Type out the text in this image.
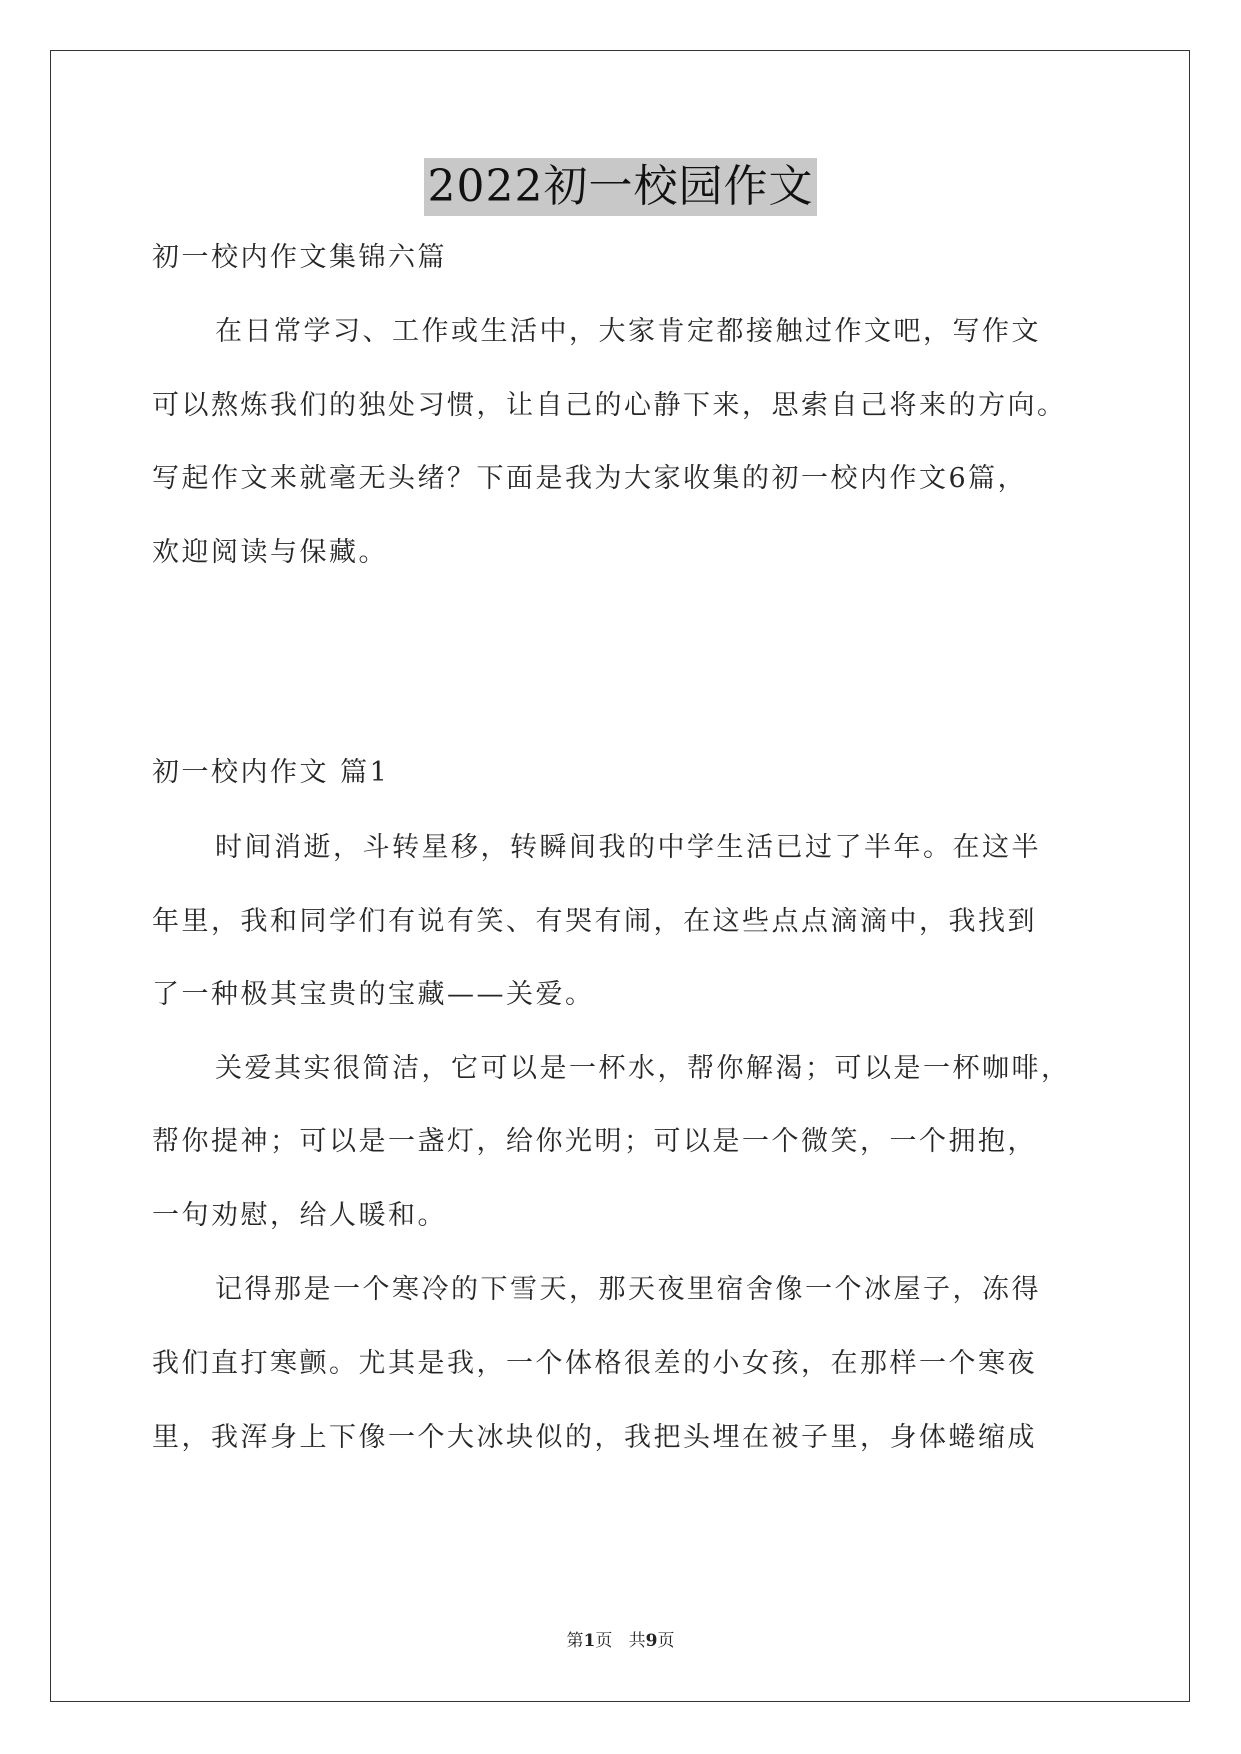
2022初一校园作文
初一校内作文集锦六篇
在日常学习、工作或生活中，大家肯定都接触过作文吧，写作文
可以熬炼我们的独处习惯，让自己的心静下来，思索自己将来的方向。
写起作文来就毫无头绪？下面是我为大家收集的初一校内作文6篇，
欢迎阅读与保藏。
初一校内作文 篇1
时间消逝，斗转星移，转瞬间我的中学生活已过了半年。在这半
年里，我和同学们有说有笑、有哭有闹，在这些点点滴滴中，我找到
了一种极其宝贵的宝藏——关爱。
关爱其实很简洁，它可以是一杯水，帮你解渴；可以是一杯咖啡，
帮你提神；可以是一盏灯，给你光明；可以是一个微笑，一个拥抱，
一句劝慰，给人暖和。
记得那是一个寒冷的下雪天，那天夜里宿舍像一个冰屋子，冻得
我们直打寒颤。尤其是我，一个体格很差的小女孩，在那样一个寒夜
里，我浑身上下像一个大冰块似的，我把头埋在被子里，身体蜷缩成
第1页 共9页
